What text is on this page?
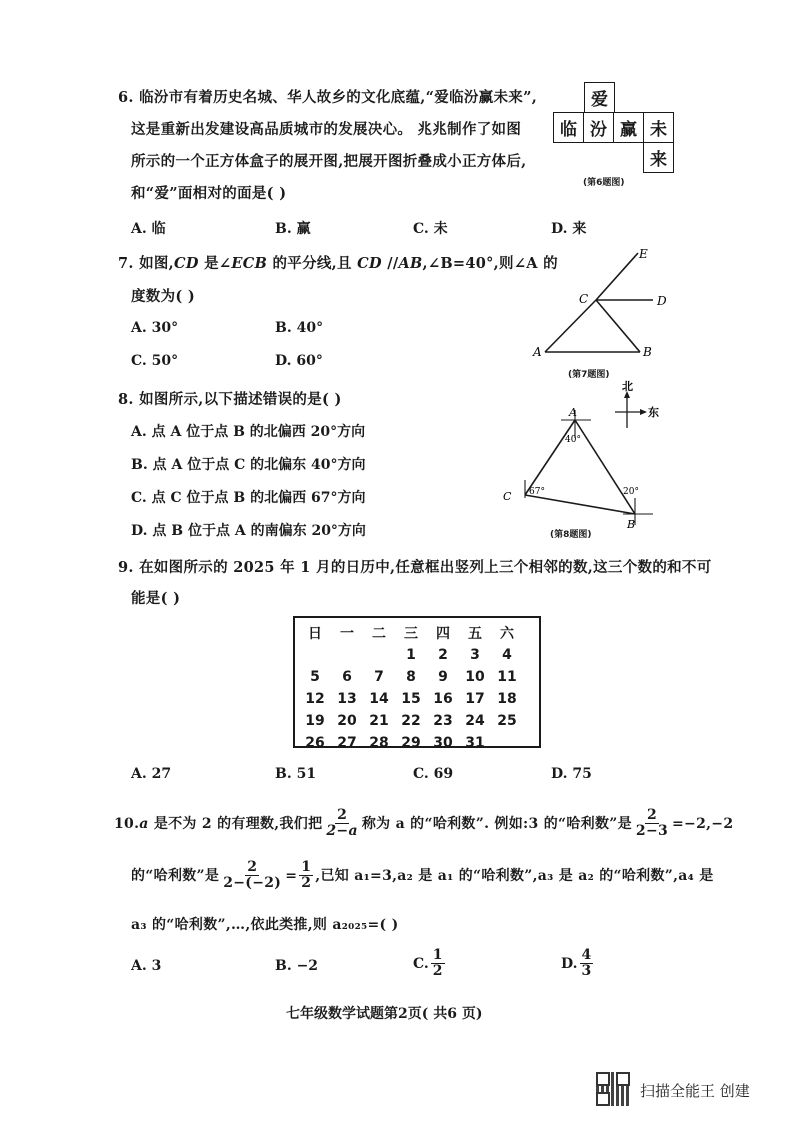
6. 临汾市有着历史名城、华人故乡的文化底蕴,“爱临汾赢未来”,
这是重新出发建设高品质城市的发展决心。 兆兆制作了如图
所示的一个正方体盒子的展开图,把展开图折叠成小正方体后,
和“爱”面相对的面是( )
A. 临	B. 赢	C. 未	D. 来
爱
临 汾 赢 未
来
(第6题图)
7. 如图,CD 是∠ECB 的平分线,且 CD //AB,∠B=40°,则∠A 的
度数为( )
A. 30°	B. 40°
C. 50°	D. 60°
E
C	D
A	B
(第7题图)
8. 如图所示,以下描述错误的是( )
A. 点 A 位于点 B 的北偏西 20°方向
B. 点 A 位于点 C 的北偏东 40°方向
C. 点 C 位于点 B 的北偏西 67°方向
D. 点 B 位于点 A 的南偏东 20°方向
北
东
A
40°
C 67°	20°
B
(第8题图)
9. 在如图所示的 2025 年 1 月的日历中,任意框出竖列上三个相邻的数,这三个数的和不可
能是( )
日	一	二	三	四	五	六
			1	2	3	4
5	6	7	8	9	10	11
12	13	14	15	16	17	18
19	20	21	22	23	24	25
26	27	28	29	30	31	
A. 27	B. 51	C. 69	D. 75
10.a 是不为 2 的有理数,我们把 $\frac{2}{2-a}$ 称为 a 的“哈利数”. 例如:3 的“哈利数”是 $\frac{2}{2-3} =-2,-2$
的“哈利数”是 $\frac{2}{2-(-2)} = \frac{1}{2}$ ,已知 a₁=3,a₂ 是 a₁ 的“哈利数”,a₃ 是 a₂ 的“哈利数”,a₄ 是
a₃ 的“哈利数”,…,依此类推,则 a₂₀₂₅=( )
A. 3	B. −2	C. $\frac{1}{2}$	D. $\frac{4}{3}$
七年级数学试题第2页( 共6 页)
扫描全能王 创建
